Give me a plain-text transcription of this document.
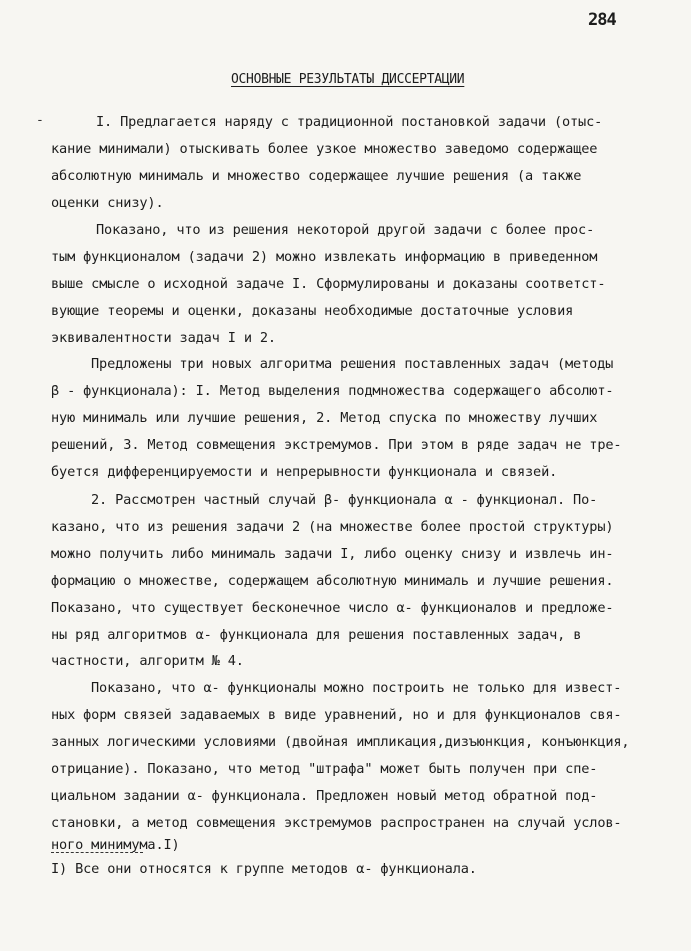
284
ОСНОВНЫЕ РЕЗУЛЬТАТЫ ДИССЕРТАЦИИ
-	I. Предлагается наряду с традиционной постановкой задачи (отыс-
кание минимали) отыскивать более узкое множество заведомо содержащее
абсолютную минималь и множество содержащее лучшие решения (а также
оценки снизу).
Показано, что из решения некоторой другой задачи с более прос-
тым функционалом (задачи 2) можно извлекать информацию в приведенном
выше смысле о исходной задаче I. Сформулированы и доказаны соответст-
вующие теоремы и оценки, доказаны необходимые достаточные условия
эквивалентности задач I и 2.
Предложены три новых алгоритма решения поставленных задач (методы
β - функционала): I. Метод выделения подмножества содержащего абсолют-
ную минималь или лучшие решения, 2. Метод спуска по множеству лучших
решений, 3. Метод совмещения экстремумов. При этом в ряде задач не тре-
буется дифференцируемости и непрерывности функционала и связей.
2. Рассмотрен частный случай β- функционала α - функционал. По-
казано, что из решения задачи 2 (на множестве более простой структуры)
можно получить либо минималь задачи I, либо оценку снизу и извлечь ин-
формацию о множестве, содержащем абсолютную минималь и лучшие решения.
Показано, что существует бесконечное число α- функционалов и предложе-
ны ряд алгоритмов α- функционала для решения поставленных задач, в
частности, алгоритм № 4.
Показано, что α- функционалы можно построить не только для извест-
ных форм связей задаваемых в виде уравнений, но и для функционалов свя-
занных логическими условиями (двойная импликация,дизъюнкция, конъюнкция,
отрицание). Показано, что метод "штрафа" может быть получен при спе-
циальном задании α- функционала. Предложен новый метод обратной под-
становки, а метод совмещения экстремумов распространен на случай услов-
ного минимума.I)
I) Все они относятся к группе методов α- функционала.
